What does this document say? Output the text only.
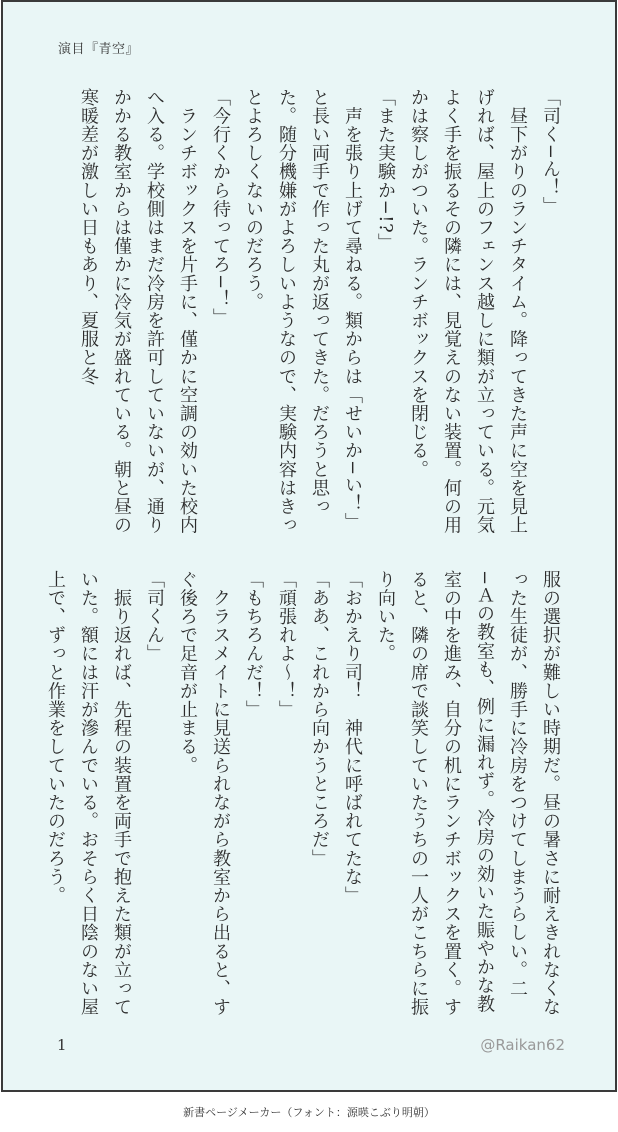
演目『青空』

「司く−ん！」

　昼下がりのランチタイム。降ってきた声に空を見上げれば、屋上のフェンス越しに類が立っている。元気よく手を振るその隣には、見覚えのない装置。何の用かは察しがついた。ランチボックスを閉じる。

「また実験か−!?」

　声を張り上げて尋ねる。類からは「せいか−い！」と長い両手で作った丸が返ってきた。だろうと思った。随分機嫌がよろしいようなので、実験内容はきっとよろしくないのだろう。

「今行くから待ってろ−！」

　ランチボックスを片手に、僅かに空調の効いた校内へ入る。学校側はまだ冷房を許可していないが、通りかかる教室からは僅かに冷気が盛れている。朝と昼の寒暖差が激しい日もあり、夏服と冬

服の選択が難しい時期だ。昼の暑さに耐えきれなくなった生徒が、勝手に冷房をつけてしまうらしい。二−Ａの教室も、例に漏れず。冷房の効いた賑やかな教室の中を進み、自分の机にランチボックスを置く。すると、隣の席で談笑していたうちの一人がこちらに振り向いた。

「おかえり司！　神代に呼ばれてたな」

「ああ、これから向かうところだ」

「頑張れよ〜！」

「もちろんだ！」

　クラスメイトに見送られながら教室から出ると、すぐ後ろで足音が止まる。

「司くん」

　振り返れば、先程の装置を両手で抱えた類が立っていた。額には汗が滲んでいる。おそらく日陰のない屋上で、ずっと作業をしていたのだろう。

1	@Raikan62
新書ページメーカー（フォント：源暎こぶり明朝）
